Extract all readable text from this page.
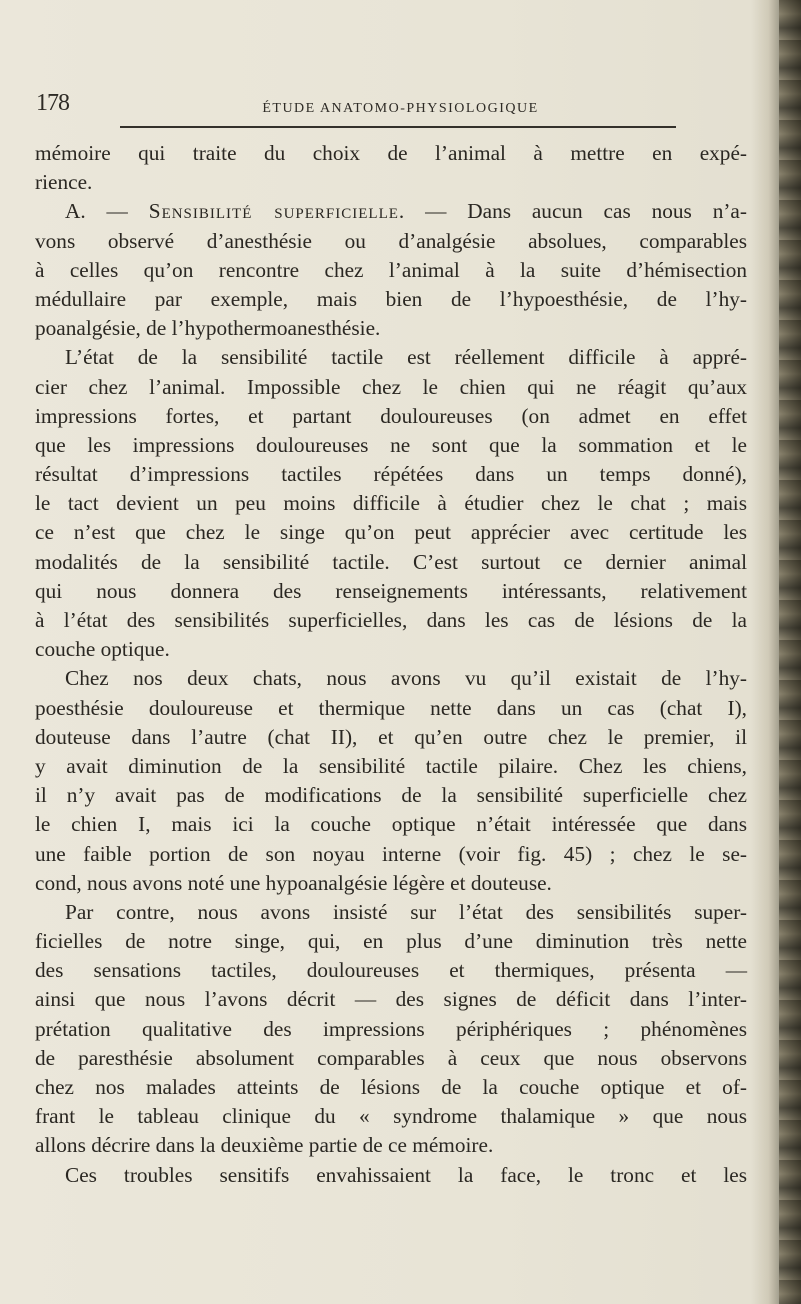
178	ÉTUDE ANATOMO-PHYSIOLOGIQUE
mémoire qui traite du choix de l’animal à mettre en expé-
rience.
A. — Sensibilité superficielle. — Dans aucun cas nous n’a-
vons observé d’anesthésie ou d’analgésie absolues, comparables
à celles qu’on rencontre chez l’animal à la suite d’hémisection
médullaire par exemple, mais bien de l’hypoesthésie, de l’hy-
poanalgésie, de l’hypothermoanesthésie.
L’état de la sensibilité tactile est réellement difficile à appré-
cier chez l’animal. Impossible chez le chien qui ne réagit qu’aux
impressions fortes, et partant douloureuses (on admet en effet
que les impressions douloureuses ne sont que la sommation et le
résultat d’impressions tactiles répétées dans un temps donné),
le tact devient un peu moins difficile à étudier chez le chat ; mais
ce n’est que chez le singe qu’on peut apprécier avec certitude les
modalités de la sensibilité tactile. C’est surtout ce dernier animal
qui nous donnera des renseignements intéressants, relativement
à l’état des sensibilités superficielles, dans les cas de lésions de la
couche optique.
Chez nos deux chats, nous avons vu qu’il existait de l’hy-
poesthésie douloureuse et thermique nette dans un cas (chat I),
douteuse dans l’autre (chat II), et qu’en outre chez le premier, il
y avait diminution de la sensibilité tactile pilaire. Chez les chiens,
il n’y avait pas de modifications de la sensibilité superficielle chez
le chien I, mais ici la couche optique n’était intéressée que dans
une faible portion de son noyau interne (voir fig. 45) ; chez le se-
cond, nous avons noté une hypoanalgésie légère et douteuse.
Par contre, nous avons insisté sur l’état des sensibilités super-
ficielles de notre singe, qui, en plus d’une diminution très nette
des sensations tactiles, douloureuses et thermiques, présenta —
ainsi que nous l’avons décrit — des signes de déficit dans l’inter-
prétation qualitative des impressions périphériques ; phénomènes
de paresthésie absolument comparables à ceux que nous observons
chez nos malades atteints de lésions de la couche optique et of-
frant le tableau clinique du « syndrome thalamique » que nous
allons décrire dans la deuxième partie de ce mémoire.
Ces troubles sensitifs envahissaient la face, le tronc et les
